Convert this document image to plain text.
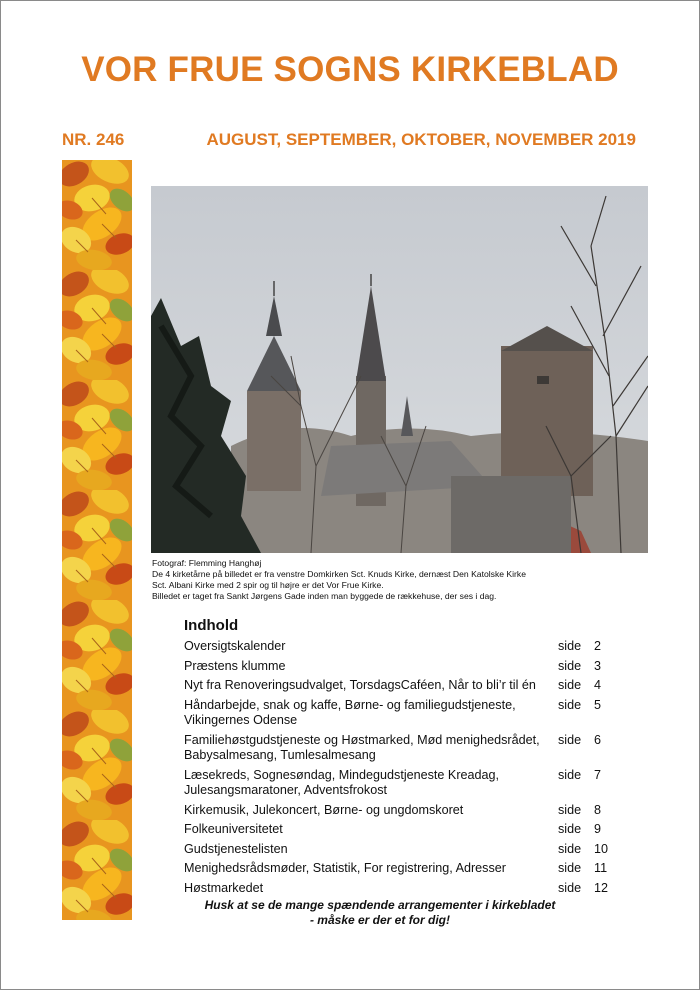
VOR FRUE SOGNS KIRKEBLAD
NR. 246	AUGUST, SEPTEMBER, OKTOBER, NOVEMBER 2019
Fotograf: Flemming Hanghøj
De 4 kirketårne på billedet er fra venstre Domkirken Sct. Knuds Kirke, dernæst Den Katolske Kirke
Sct. Albani Kirke med 2 spir og til højre er det Vor Frue Kirke.
Billedet er taget fra Sankt Jørgens Gade inden man byggede de rækkehuse, der ses i dag.
Indhold
Oversigtskalender	side	2
Præstens klumme	side	3
Nyt fra Renoveringsudvalget, TorsdagsCaféen, Når to bli’r til én	side	4
Håndarbejde, snak og kaffe, Børne- og familiegudstjeneste, Vikingernes Odense
side	5
Familiehøstgudstjeneste og Høstmarked, Mød menighedsrådet, Babysalmesang, Tumlesalmesang
side	6
Læsekreds, Sognesøndag, Mindegudstjeneste Kreadag, Julesangsmaratoner, Adventsfrokost
side	7
Kirkemusik, Julekoncert, Børne- og ungdomskoret	side	8
Folkeuniversitetet	side	9
Gudstjenestelisten	side	10
Menighedsrådsmøder, Statistik, For registrering, Adresser	side	11
Høstmarkedet	side	12
Husk at se de mange spændende arrangementer i kirkebladet
- måske er der et for dig!
